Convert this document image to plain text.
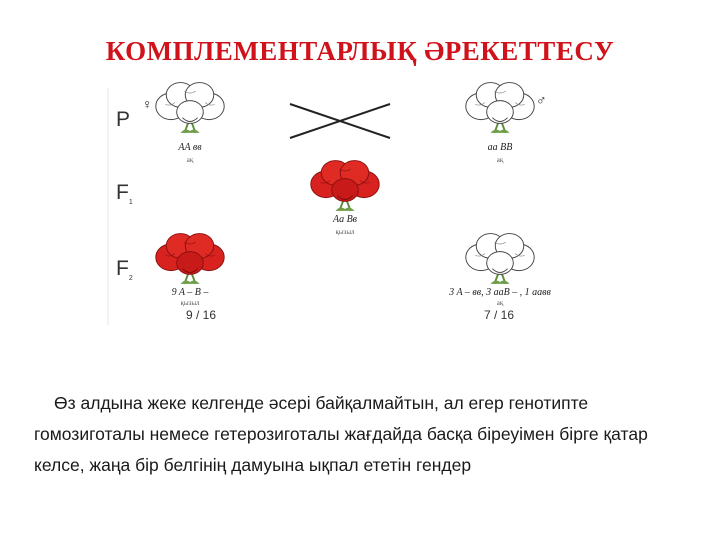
КОМПЛЕМЕНТАРЛЫҚ ӘРЕКЕТТЕСУ
P
$F_1$
$F_2$
♀	♂
AA вв
ақ
aa BB
ақ
Aa Вв
қызыл
9 A – B –
қызыл
9 / 16
3 A – вв, 3 aaB – , 1 aaвв
ақ
7 / 16
Өз алдына жеке келгенде әсері байқалмайтын, ал егер генотипте гомозиготалы немесе гетерозиготалы жағдайда басқа біреуімен бірге қатар келсе, жаңа бір белгінің дамуына ықпал ететін гендер
